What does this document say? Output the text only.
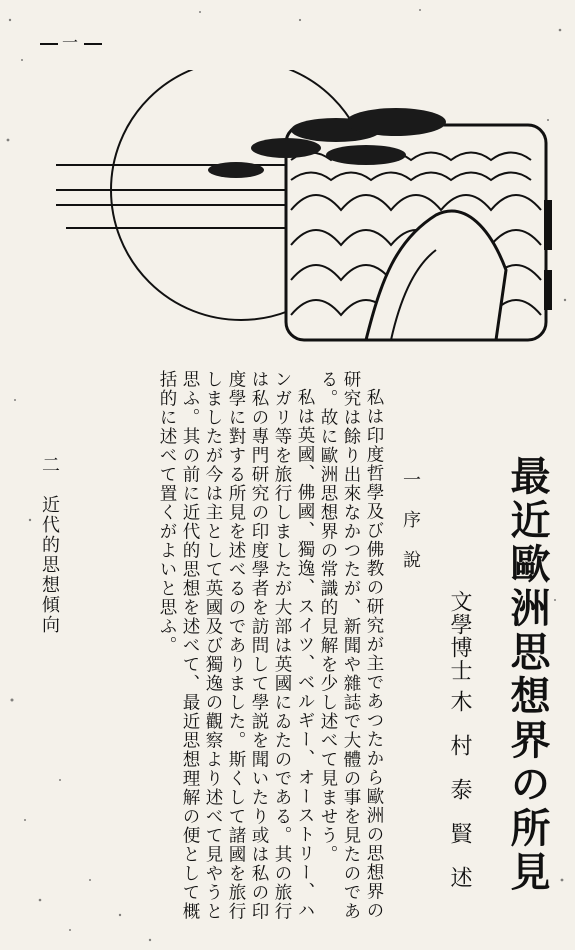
一
最近歐洲思想界の所見
文學博士
木村泰賢述
一　序　說

私は印度哲學及び佛教の研究が主であつたから歐洲の思想界の研究は餘り出來なかつたが、新聞や雜誌で大體の事を見たのである。故に歐洲思想界の常識的見解を少し述べて見ませう。

私は英國、佛國、獨逸、スイツ、ベルギー、オーストリー、ハンガリ等を旅行しましたが大部は英國にゐたのである。其の旅行は私の專門研究の印度學者を訪問して學説を聞いたり或は私の印度學に對する所見を述べるのでありました。斯くして諸國を旅行しましたが今は主として英國及び獨逸の觀察より述べて見やうと思ふ。其の前に近代的思想を述べて、最近思想理解の便として概括的に述べて置くがよいと思ふ。

二　近代的思想傾向
